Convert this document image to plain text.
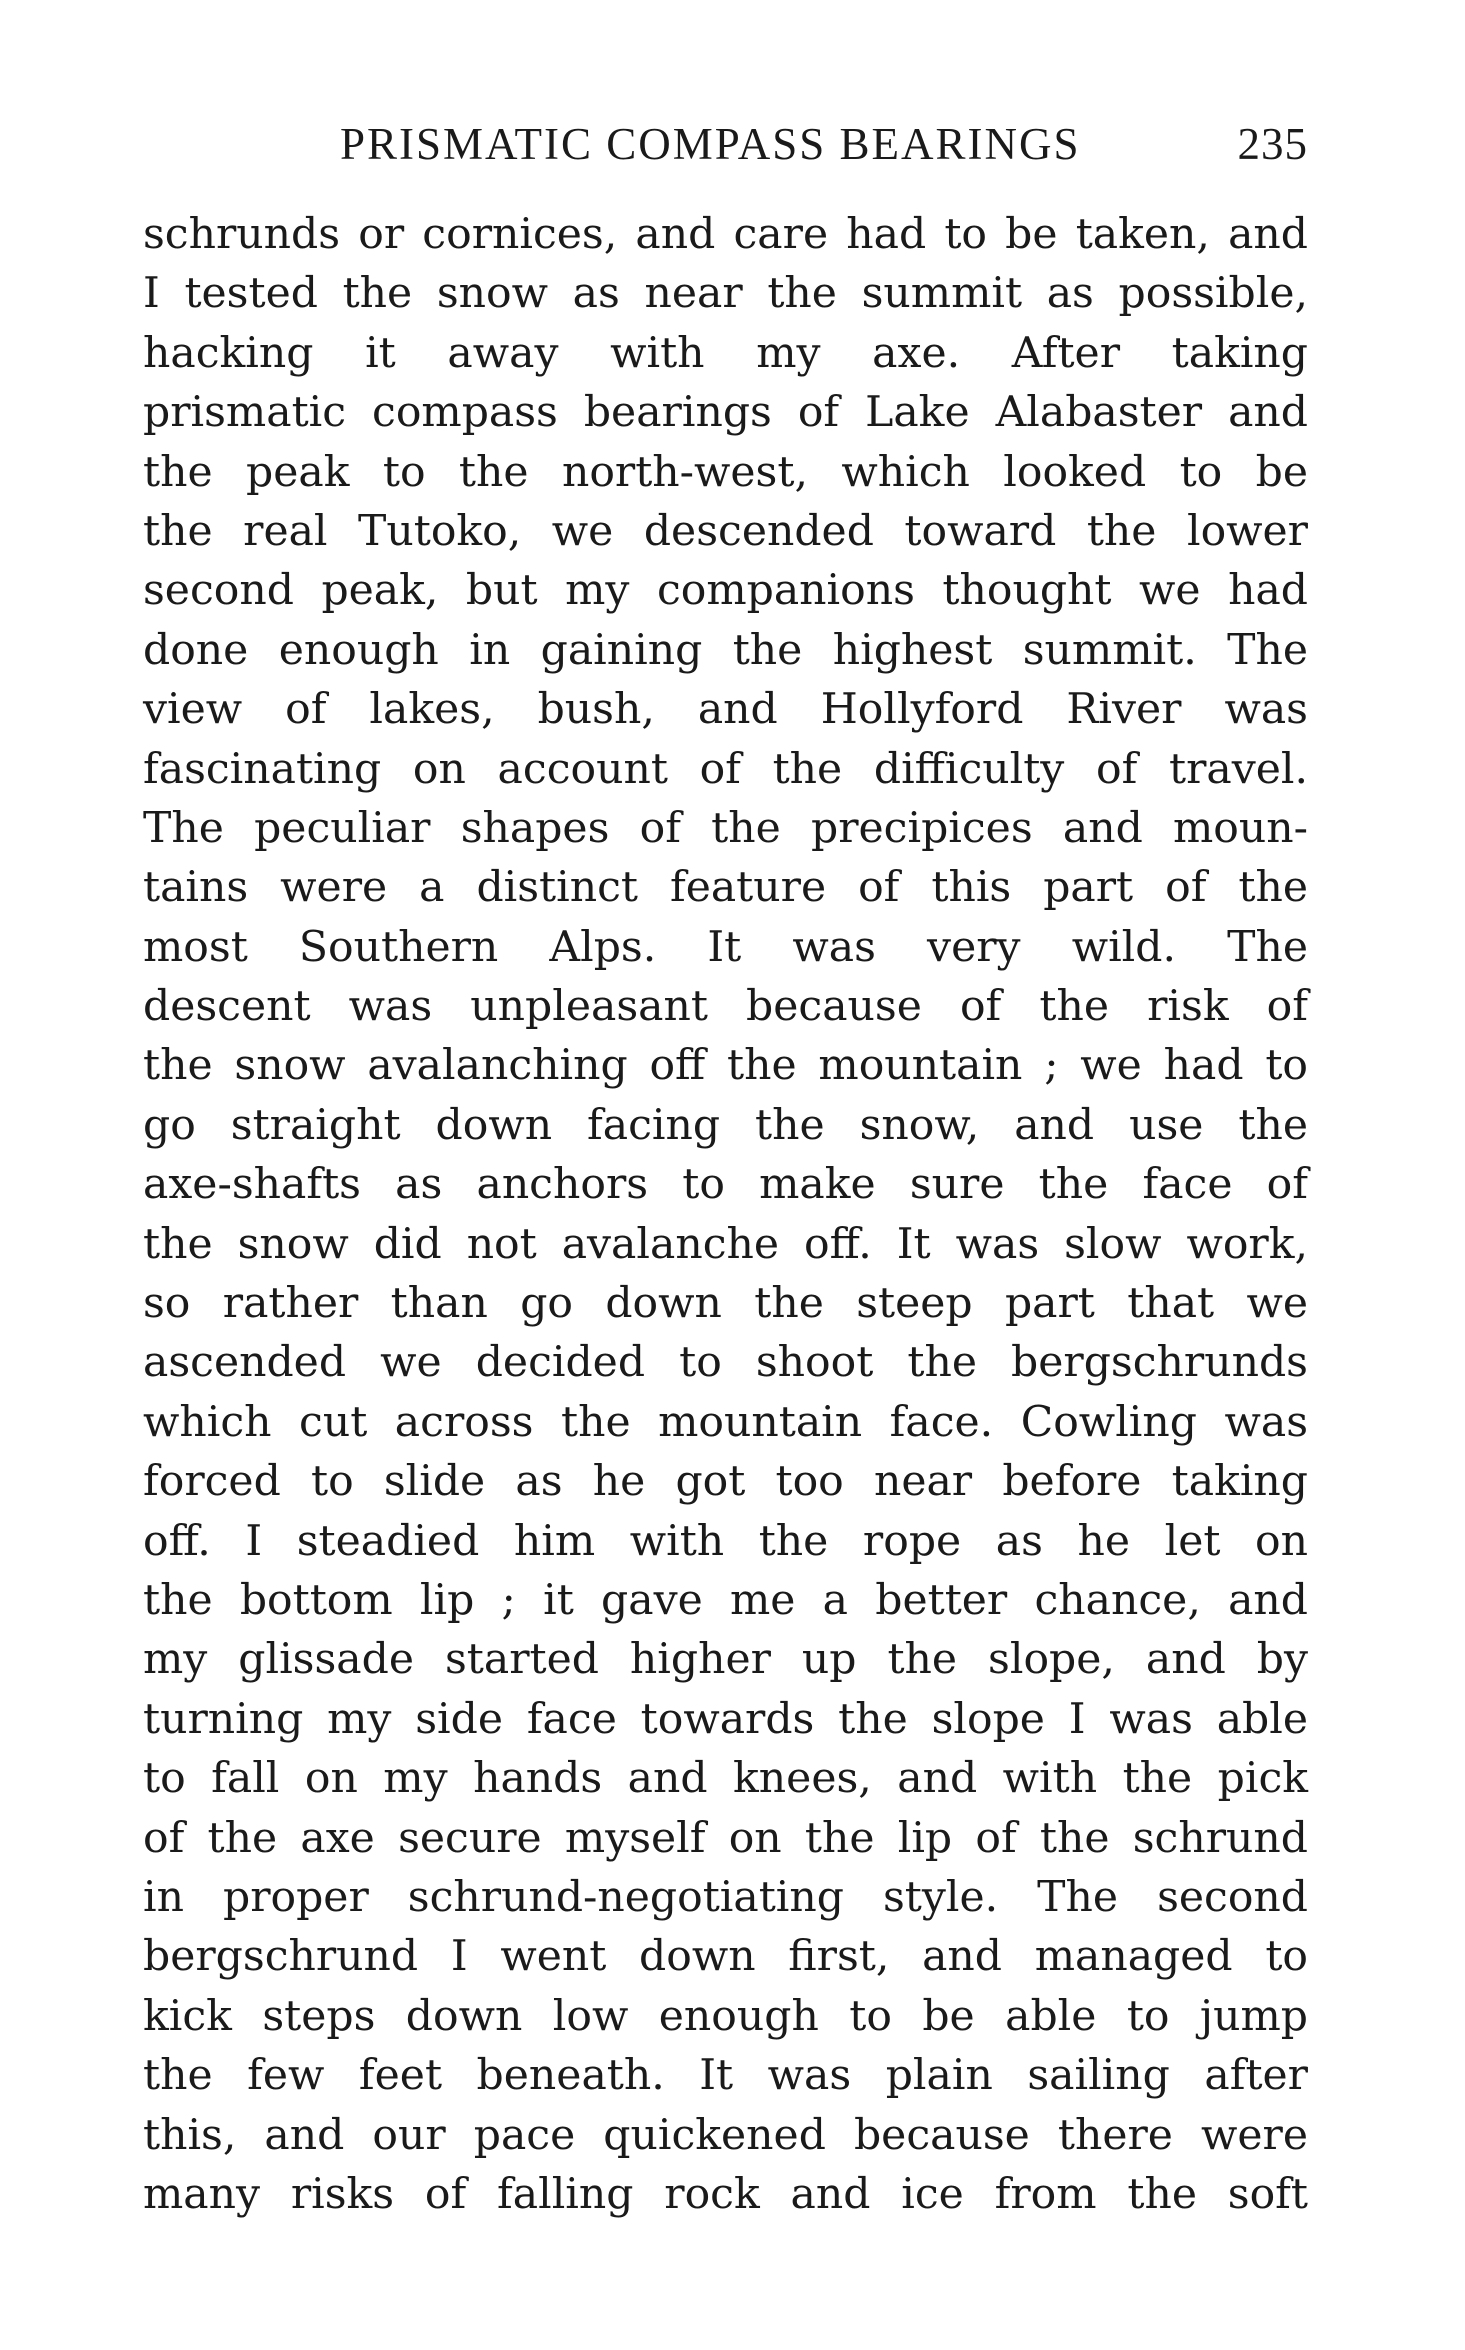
PRISMATIC COMPASS BEARINGS	235
schrunds or cornices, and care had to be taken, and
I tested the snow as near the summit as possible,
hacking it away with my axe. After taking
prismatic compass bearings of Lake Alabaster and
the peak to the north-west, which looked to be
the real Tutoko, we descended toward the lower
second peak, but my companions thought we had
done enough in gaining the highest summit. The
view of lakes, bush, and Hollyford River was
fascinating on account of the difficulty of travel.
The peculiar shapes of the precipices and moun-
tains were a distinct feature of this part of the
most Southern Alps. It was very wild. The
descent was unpleasant because of the risk of
the snow avalanching off the mountain ; we had to
go straight down facing the snow, and use the
axe-shafts as anchors to make sure the face of
the snow did not avalanche off. It was slow work,
so rather than go down the steep part that we
ascended we decided to shoot the bergschrunds
which cut across the mountain face. Cowling was
forced to slide as he got too near before taking
off. I steadied him with the rope as he let on
the bottom lip ; it gave me a better chance, and
my glissade started higher up the slope, and by
turning my side face towards the slope I was able
to fall on my hands and knees, and with the pick
of the axe secure myself on the lip of the schrund
in proper schrund-negotiating style. The second
bergschrund I went down first, and managed to
kick steps down low enough to be able to jump
the few feet beneath. It was plain sailing after
this, and our pace quickened because there were
many risks of falling rock and ice from the soft
